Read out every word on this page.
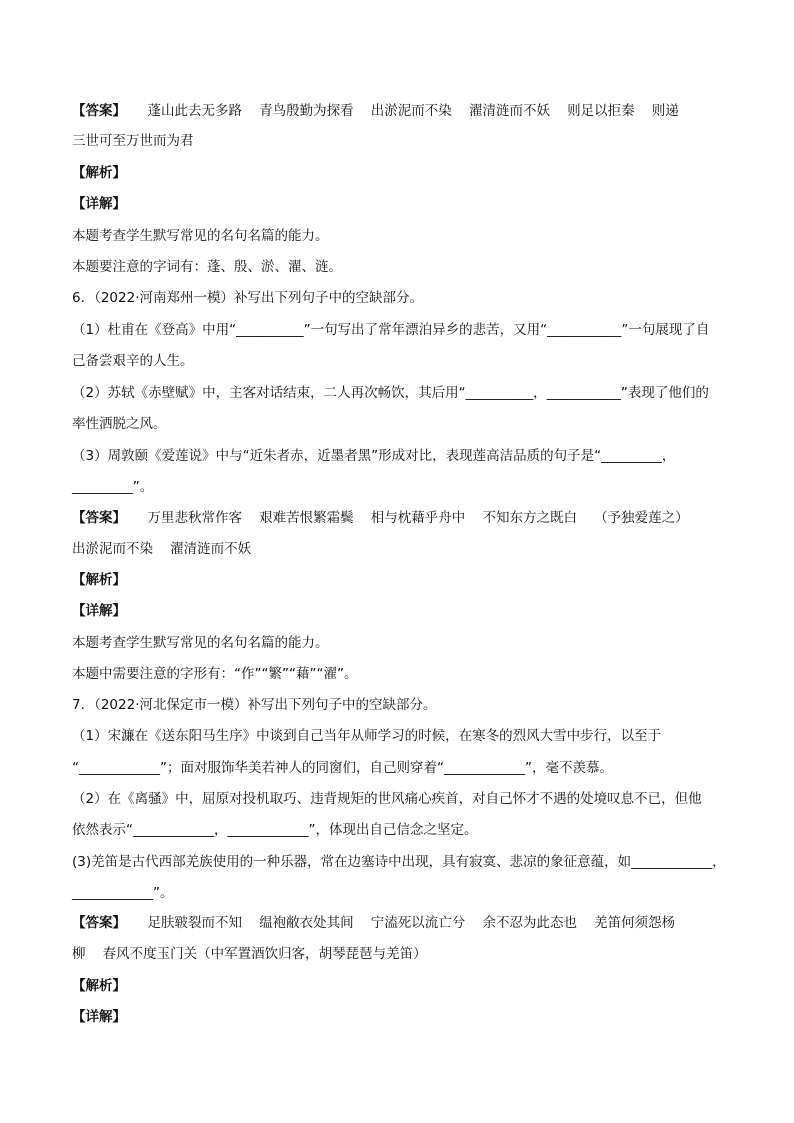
【答案】     蓬山此去无多路    青鸟殷勤为探看    出淤泥而不染    濯清涟而不妖    则足以拒秦    则递
三世可至万世而为君
【解析】
【详解】
本题考查学生默写常见的名句名篇的能力。
本题要注意的字词有：蓬、殷、淤、濯、涟。
6．（2022·河南郑州一模）补写出下列句子中的空缺部分。
（1）杜甫在《登高》中用“__________”一句写出了常年漂泊异乡的悲苦，又用“___________”一句展现了自
己备尝艰辛的人生。
（2）苏轼《赤壁赋》中，主客对话结束，二人再次畅饮，其后用“__________，___________”表现了他们的
率性洒脱之风。
（3）周敦颐《爱莲说》中与“近朱者赤，近墨者黑”形成对比，表现莲高洁品质的句子是“_________，
_________”。
【答案】     万里悲秋常作客    艰难苦恨繁霜鬓    相与枕藉乎舟中    不知东方之既白    （予独爱莲之）
出淤泥而不染    濯清涟而不妖
【解析】
【详解】
本题考查学生默写常见的名句名篇的能力。
本题中需要注意的字形有：“作”“繁”“藉”“濯”。
7．（2022·河北保定市一模）补写出下列句子中的空缺部分。
（1）宋濂在《送东阳马生序》中谈到自己当年从师学习的时候，在寒冬的烈风大雪中步行，以至于
“____________”；面对服饰华美若神人的同窗们，自己则穿着“____________”，毫不羡慕。
（2）在《离骚》中，屈原对投机取巧、违背规矩的世风痛心疾首，对自己怀才不遇的处境叹息不已，但他
依然表示“____________，____________”，体现出自己信念之坚定。
(3)羌笛是古代西部羌族使用的一种乐器，常在边塞诗中出现，具有寂寞、悲凉的象征意蕴，如____________，
____________”。
【答案】     足肤皲裂而不知    缊袍敝衣处其间    宁溘死以流亡兮    余不忍为此态也    羌笛何须怨杨
柳    春风不度玉门关（中军置酒饮归客，胡琴琵琶与羌笛）
【解析】
【详解】
